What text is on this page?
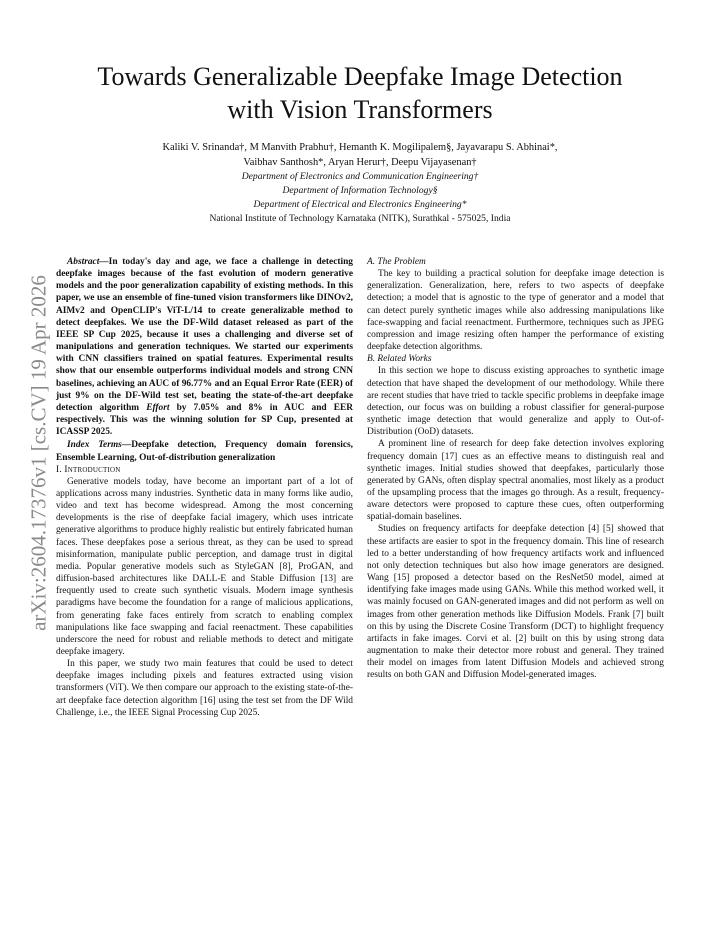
arXiv:2604.17376v1 [cs.CV] 19 Apr 2026
Towards Generalizable Deepfake Image Detection
with Vision Transformers
Kaliki V. Srinanda†, M Manvith Prabhu†, Hemanth K. Mogilipalem§, Jayavarapu S. Abhinai*,
Vaibhav Santhosh*, Aryan Herur†, Deepu Vijayasenan†
Department of Electronics and Communication Engineering†
Department of Information Technology§
Department of Electrical and Electronics Engineering*
National Institute of Technology Karnataka (NITK), Surathkal - 575025, India

Abstract—In today's day and age, we face a challenge in detecting deepfake images because of the fast evolution of modern generative models and the poor generalization capability of existing methods. In this paper, we use an ensemble of fine-tuned vision transformers like DINOv2, AIMv2 and OpenCLIP's ViT-L/14 to create generalizable method to detect deepfakes. We use the DF-Wild dataset released as part of the IEEE SP Cup 2025, because it uses a challenging and diverse set of manipulations and generation techniques. We started our experiments with CNN classifiers trained on spatial features. Experimental results show that our ensemble outperforms individual models and strong CNN baselines, achieving an AUC of 96.77% and an Equal Error Rate (EER) of just 9% on the DF-Wild test set, beating the state-of-the-art deepfake detection algorithm Effort by 7.05% and 8% in AUC and EER respectively. This was the winning solution for SP Cup, presented at ICASSP 2025.

Index Terms—Deepfake detection, Frequency domain forensics, Ensemble Learning, Out-of-distribution generalization

I. Introduction

Generative models today, have become an important part of a lot of applications across many industries. Synthetic data in many forms like audio, video and text has become widespread. Among the most concerning developments is the rise of deepfake facial imagery, which uses intricate generative algorithms to produce highly realistic but entirely fabricated human faces. These deepfakes pose a serious threat, as they can be used to spread misinformation, manipulate public perception, and damage trust in digital media. Popular generative models such as StyleGAN [8], ProGAN, and diffusion-based architectures like DALL-E and Stable Diffusion [13] are frequently used to create such synthetic visuals. Modern image synthesis paradigms have become the foundation for a range of malicious applications, from generating fake faces entirely from scratch to enabling complex manipulations like face swapping and facial reenactment. These capabilities underscore the need for robust and reliable methods to detect and mitigate deepfake imagery.

In this paper, we study two main features that could be used to detect deepfake images including pixels and features extracted using vision transformers (ViT). We then compare our approach to the existing state-of-the-art deepfake face detection algorithm [16] using the test set from the DF Wild Challenge, i.e., the IEEE Signal Processing Cup 2025.

A. The Problem

The key to building a practical solution for deepfake image detection is generalization. Generalization, here, refers to two aspects of deepfake detection; a model that is agnostic to the type of generator and a model that can detect purely synthetic images while also addressing manipulations like face-swapping and facial reenactment. Furthermore, techniques such as JPEG compression and image resizing often hamper the performance of existing deepfake detection algorithms.

B. Related Works

In this section we hope to discuss existing approaches to synthetic image detection that have shaped the development of our methodology. While there are recent studies that have tried to tackle specific problems in deepfake image detection, our focus was on building a robust classifier for general-purpose synthetic image detection that would generalize and apply to Out-of-Distribution (OoD) datasets.

A prominent line of research for deep fake detection involves exploring frequency domain [17] cues as an effective means to distinguish real and synthetic images. Initial studies showed that deepfakes, particularly those generated by GANs, often display spectral anomalies, most likely as a product of the upsampling process that the images go through. As a result, frequency-aware detectors were proposed to capture these cues, often outperforming spatial-domain baselines.

Studies on frequency artifacts for deepfake detection [4] [5] showed that these artifacts are easier to spot in the frequency domain. This line of research led to a better understanding of how frequency artifacts work and influenced not only detection techniques but also how image generators are designed. Wang [15] proposed a detector based on the ResNet50 model, aimed at identifying fake images made using GANs. While this method worked well, it was mainly focused on GAN-generated images and did not perform as well on images from other generation methods like Diffusion Models. Frank [7] built on this by using the Discrete Cosine Transform (DCT) to highlight frequency artifacts in fake images. Corvi et al. [2] built on this by using strong data augmentation to make their detector more robust and general. They trained their model on images from latent Diffusion Models and achieved strong results on both GAN and Diffusion Model-generated images.
